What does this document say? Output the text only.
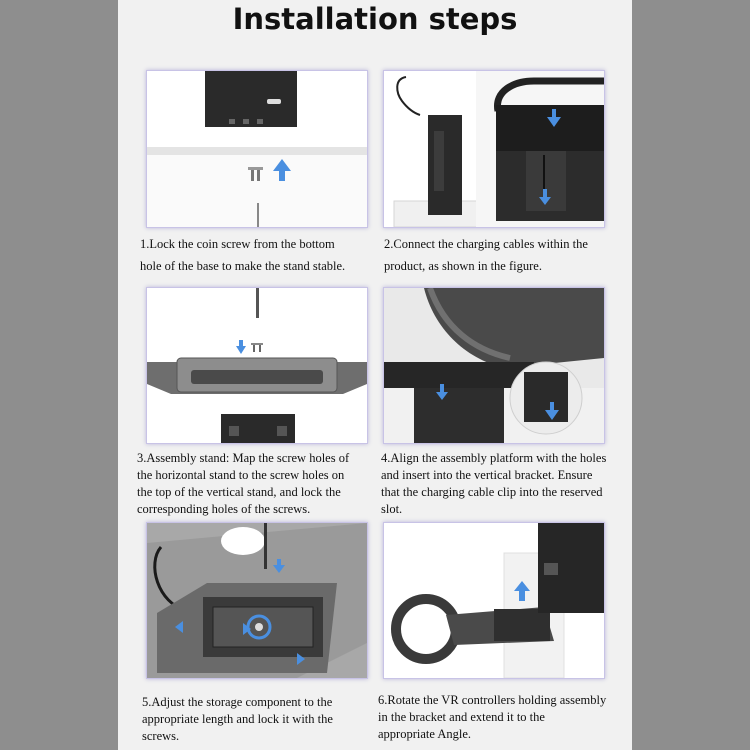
Installation steps
1.Lock the coin screw from the bottom
hole of the base to make the stand stable.
2.Connect the charging cables within the
product, as shown in the figure.
3.Assembly stand: Map the screw holes of
the horizontal stand to the screw holes on
the top of the vertical stand, and lock the
corresponding holes of the screws.
4.Align the assembly platform with the holes
and insert into the vertical bracket. Ensure
that the charging cable clip into the reserved
slot.
5.Adjust the storage component to the
appropriate length and lock it with the
screws.
6.Rotate the VR controllers holding assembly
in the bracket and extend it to the
appropriate Angle.
